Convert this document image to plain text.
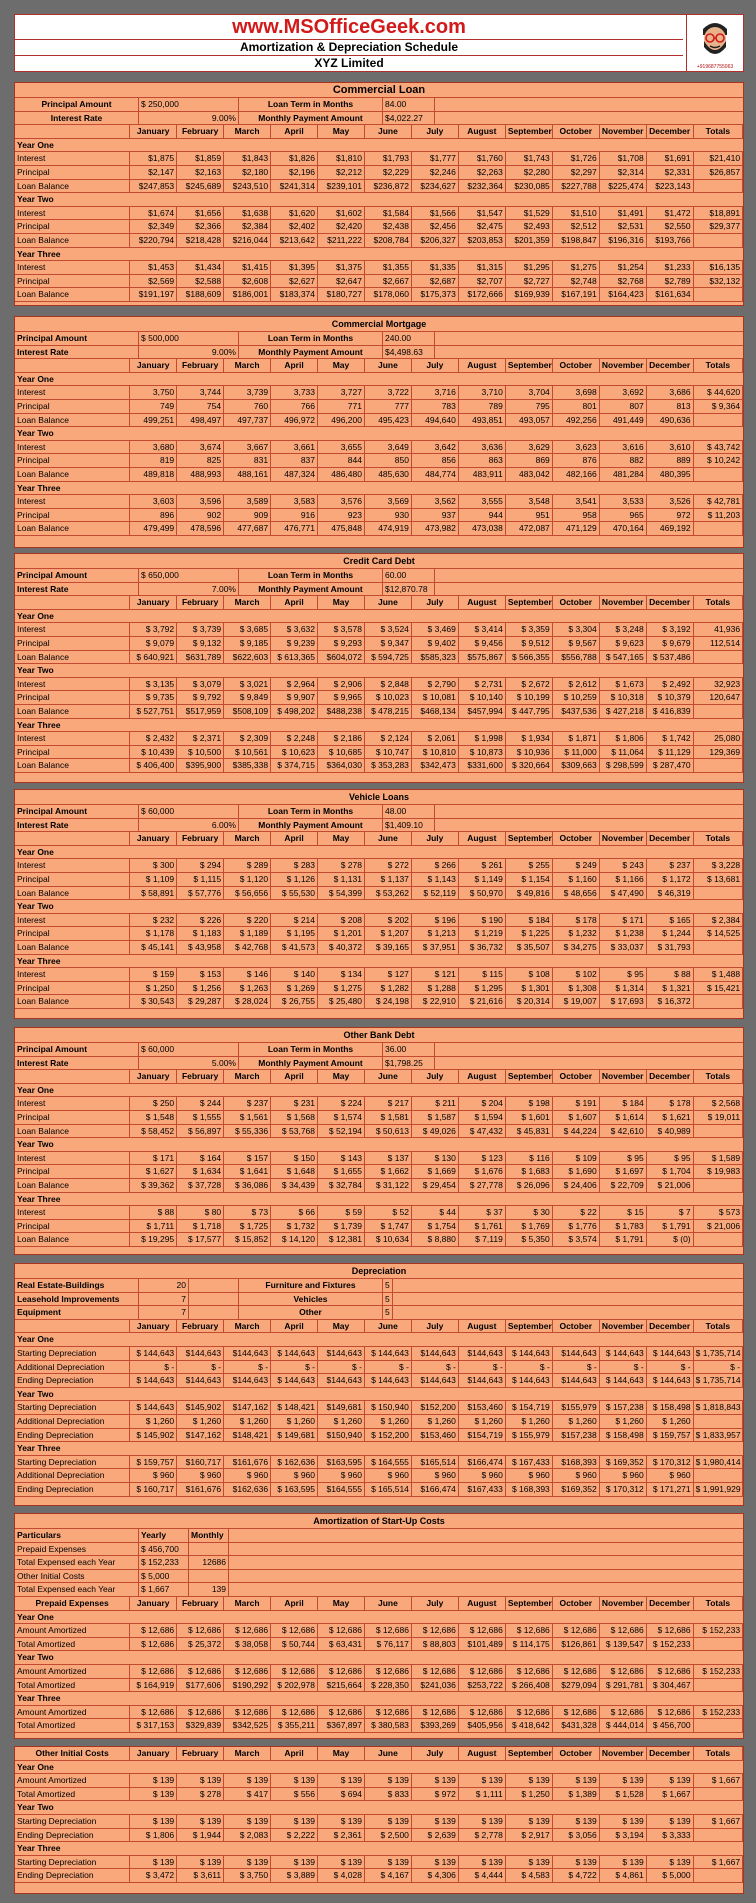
www.MSOfficeGeek.com
Amortization & Depreciation Schedule
XYZ Limited	+919687755063
Commercial Loan
Principal Amount	$ 250,000	Loan Term in Months	84.00
Interest Rate	9.00%	Monthly Payment Amount	$4,022.27
January	February	March	April	May	June	July	August	September October	November December	Totals
Year One
Interest	$1,875	$1,859	$1,843	$1,826	$1,810	$1,793	$1,777	$1,760	$1,743	$1,726	$1,708	$1,691	$21,410
Principal	$2,147	$2,163	$2,180	$2,196	$2,212	$2,229	$2,246	$2,263	$2,280	$2,297	$2,314	$2,331	$26,857
Loan Balance	$247,853	$245,689	$243,510	$241,314	$239,101	$236,872	$234,627	$232,364	$230,085	$227,788	$225,474	$223,143
Year Two
Interest	$1,674	$1,656	$1,638	$1,620	$1,602	$1,584	$1,566	$1,547	$1,529	$1,510	$1,491	$1,472	$18,891
Principal	$2,349	$2,366	$2,384	$2,402	$2,420	$2,438	$2,456	$2,475	$2,493	$2,512	$2,531	$2,550	$29,377
Loan Balance	$220,794	$218,428	$216,044	$213,642	$211,222	$208,784	$206,327	$203,853	$201,359	$198,847	$196,316	$193,766
Year Three
Interest	$1,453	$1,434	$1,415	$1,395	$1,375	$1,355	$1,335	$1,315	$1,295	$1,275	$1,254	$1,233	$16,135
Principal	$2,569	$2,588	$2,608	$2,627	$2,647	$2,667	$2,687	$2,707	$2,727	$2,748	$2,768	$2,789	$32,132
Loan Balance	$191,197	$188,609	$186,001	$183,374	$180,727	$178,060	$175,373	$172,666	$169,939	$167,191	$164,423	$161,634
Commercial Mortgage
Principal Amount	$ 500,000	Loan Term in Months	240.00
Interest Rate	9.00%	Monthly Payment Amount	$4,498.63
January	February	March	April	May	June	July	August	September October	November December	Totals
Year One
Interest	3,750	3,744	3,739	3,733	3,727	3,722	3,716	3,710	3,704	3,698	3,692	3,686	$ 44,620
Principal	749	754	760	766	771	777	783	789	795	801	807	813	$ 9,364
Loan Balance	499,251	498,497	497,737	496,972	496,200	495,423	494,640	493,851	493,057	492,256	491,449	490,636
Year Two
Interest	3,680	3,674	3,667	3,661	3,655	3,649	3,642	3,636	3,629	3,623	3,616	3,610	$ 43,742
Principal	819	825	831	837	844	850	856	863	869	876	882	889	$ 10,242
Loan Balance	489,818	488,993	488,161	487,324	486,480	485,630	484,774	483,911	483,042	482,166	481,284	480,395
Year Three
Interest	3,603	3,596	3,589	3,583	3,576	3,569	3,562	3,555	3,548	3,541	3,533	3,526	$ 42,781
Principal	896	902	909	916	923	930	937	944	951	958	965	972	$ 11,203
Loan Balance	479,499	478,596	477,687	476,771	475,848	474,919	473,982	473,038	472,087	471,129	470,164	469,192
Credit Card Debt
Principal Amount	$ 650,000	Loan Term in Months	60.00
Interest Rate	7.00%	Monthly Payment Amount	$12,870.78
January	February	March	April	May	June	July	August	September October	November December	Totals
Year One
Interest	$ 3,792	$ 3,739	$ 3,685	$ 3,632	$ 3,578	$ 3,524	$ 3,469	$ 3,414	$ 3,359	$ 3,304	$ 3,248	$ 3,192	41,936
Principal	$ 9,079	$ 9,132	$ 9,185	$ 9,239	$ 9,293	$ 9,347	$ 9,402	$ 9,456	$ 9,512	$ 9,567	$ 9,623	$ 9,679	112,514
Loan Balance	$ 640,921	$631,789	$622,603	$ 613,365	$604,072	$ 594,725	$585,323	$575,867	$ 566,355	$556,788	$ 547,165	$ 537,486
Year Two
Interest	$ 3,135	$ 3,079	$ 3,021	$ 2,964	$ 2,906	$ 2,848	$ 2,790	$ 2,731	$ 2,672	$ 2,612	$ 1,673	$ 2,492	32,923
Principal	$ 9,735	$ 9,792	$ 9,849	$ 9,907	$ 9,965	$ 10,023	$ 10,081	$ 10,140	$ 10,199	$ 10,259	$ 10,318	$ 10,379	120,647
Loan Balance	$ 527,751	$517,959	$508,109	$ 498,202	$488,238	$ 478,215	$468,134	$457,994	$ 447,795	$437,536	$ 427,218	$ 416,839
Year Three
Interest	$ 2,432	$ 2,371	$ 2,309	$ 2,248	$ 2,186	$ 2,124	$ 2,061	$ 1,998	$ 1,934	$ 1,871	$ 1,806	$ 1,742	25,080
Principal	$ 10,439	$ 10,500	$ 10,561	$ 10,623	$ 10,685	$ 10,747	$ 10,810	$ 10,873	$ 10,936	$ 11,000	$ 11,064	$ 11,129	129,369
Loan Balance	$ 406,400	$395,900	$385,338	$ 374,715	$364,030	$ 353,283	$342,473	$331,600	$ 320,664	$309,663	$ 298,599	$ 287,470
Vehicle Loans
Principal Amount	$ 60,000	Loan Term in Months	48.00
Interest Rate	6.00%	Monthly Payment Amount	$1,409.10
January	February	March	April	May	June	July	August	September October	November December	Totals
Year One
Interest	$ 300	$ 294	$ 289	$ 283	$ 278	$ 272	$ 266	$ 261	$ 255	$ 249	$ 243	$ 237	$ 3,228
Principal	$ 1,109	$ 1,115	$ 1,120	$ 1,126	$ 1,131	$ 1,137	$ 1,143	$ 1,149	$ 1,154	$ 1,160	$ 1,166	$ 1,172	$ 13,681
Loan Balance	$ 58,891	$ 57,776	$ 56,656	$ 55,530	$ 54,399	$ 53,262	$ 52,119	$ 50,970	$ 49,816	$ 48,656	$ 47,490	$ 46,319
Year Two
Interest	$ 232	$ 226	$ 220	$ 214	$ 208	$ 202	$ 196	$ 190	$ 184	$ 178	$ 171	$ 165	$ 2,384
Principal	$ 1,178	$ 1,183	$ 1,189	$ 1,195	$ 1,201	$ 1,207	$ 1,213	$ 1,219	$ 1,225	$ 1,232	$ 1,238	$ 1,244	$ 14,525
Loan Balance	$ 45,141	$ 43,958	$ 42,768	$ 41,573	$ 40,372	$ 39,165	$ 37,951	$ 36,732	$ 35,507	$ 34,275	$ 33,037	$ 31,793
Year Three
Interest	$ 159	$ 153	$ 146	$ 140	$ 134	$ 127	$ 121	$ 115	$ 108	$ 102	$ 95	$ 88	$ 1,488
Principal	$ 1,250	$ 1,256	$ 1,263	$ 1,269	$ 1,275	$ 1,282	$ 1,288	$ 1,295	$ 1,301	$ 1,308	$ 1,314	$ 1,321	$ 15,421
Loan Balance	$ 30,543	$ 29,287	$ 28,024	$ 26,755	$ 25,480	$ 24,198	$ 22,910	$ 21,616	$ 20,314	$ 19,007	$ 17,693	$ 16,372
Other Bank Debt
Principal Amount	$ 60,000	Loan Term in Months	36.00
Interest Rate	5.00%	Monthly Payment Amount	$1,798.25
January	February	March	April	May	June	July	August	September October	November December	Totals
Year One
Interest	$ 250	$ 244	$ 237	$ 231	$ 224	$ 217	$ 211	$ 204	$ 198	$ 191	$ 184	$ 178	$ 2,568
Principal	$ 1,548	$ 1,555	$ 1,561	$ 1,568	$ 1,574	$ 1,581	$ 1,587	$ 1,594	$ 1,601	$ 1,607	$ 1,614	$ 1,621	$ 19,011
Loan Balance	$ 58,452	$ 56,897	$ 55,336	$ 53,768	$ 52,194	$ 50,613	$ 49,026	$ 47,432	$ 45,831	$ 44,224	$ 42,610	$ 40,989
Year Two
Interest	$ 171	$ 164	$ 157	$ 150	$ 143	$ 137	$ 130	$ 123	$ 116	$ 109	$ 95	$ 95	$ 1,589
Principal	$ 1,627	$ 1,634	$ 1,641	$ 1,648	$ 1,655	$ 1,662	$ 1,669	$ 1,676	$ 1,683	$ 1,690	$ 1,697	$ 1,704	$ 19,983
Loan Balance	$ 39,362	$ 37,728	$ 36,086	$ 34,439	$ 32,784	$ 31,122	$ 29,454	$ 27,778	$ 26,096	$ 24,406	$ 22,709	$ 21,006
Year Three
Interest	$ 88	$ 80	$ 73	$ 66	$ 59	$ 52	$ 44	$ 37	$ 30	$ 22	$ 15	$ 7	$ 573
Principal	$ 1,711	$ 1,718	$ 1,725	$ 1,732	$ 1,739	$ 1,747	$ 1,754	$ 1,761	$ 1,769	$ 1,776	$ 1,783	$ 1,791	$ 21,006
Loan Balance	$ 19,295	$ 17,577	$ 15,852	$ 14,120	$ 12,381	$ 10,634	$ 8,880	$ 7,119	$ 5,350	$ 3,574	$ 1,791	$ (0)
Depreciation
Real Estate-Buildings	20	Furniture and Fixtures	5
Leasehold Improvements	7	Vehicles	5
Equipment	7	Other	5
January	February	March	April	May	June	July	August	September October	November December	Totals
Year One
Starting Depreciation	$ 144,643	$144,643	$144,643	$ 144,643	$144,643	$ 144,643	$144,643	$144,643	$ 144,643	$144,643	$ 144,643	$ 144,643 $ 1,735,714
Additional Depreciation	$ -	$ -	$ -	$ -	$ -	$ -	$ -	$ -	$ -	$ -	$ -	$ -	$ -
Ending Depreciation	$ 144,643	$144,643	$144,643	$ 144,643	$144,643	$ 144,643	$144,643	$144,643	$ 144,643	$144,643	$ 144,643	$ 144,643 $ 1,735,714
Year Two
Starting Depreciation	$ 144,643	$145,902	$147,162	$ 148,421	$149,681	$ 150,940	$152,200	$153,460	$ 154,719	$155,979	$ 157,238	$ 158,498 $ 1,818,843
Additional Depreciation	$ 1,260	$ 1,260	$ 1,260	$ 1,260	$ 1,260	$ 1,260	$ 1,260	$ 1,260	$ 1,260	$ 1,260	$ 1,260	$ 1,260
Ending Depreciation	$ 145,902	$147,162	$148,421	$ 149,681	$150,940	$ 152,200	$153,460	$154,719	$ 155,979	$157,238	$ 158,498	$ 159,757 $ 1,833,957
Year Three
Starting Depreciation	$ 159,757	$160,717	$161,676	$ 162,636	$163,595	$ 164,555	$165,514	$166,474	$ 167,433	$168,393	$ 169,352	$ 170,312 $ 1,980,414
Additional Depreciation	$ 960	$ 960	$ 960	$ 960	$ 960	$ 960	$ 960	$ 960	$ 960	$ 960	$ 960	$ 960
Ending Depreciation	$ 160,717	$161,676	$162,636	$ 163,595	$164,555	$ 165,514	$166,474	$167,433	$ 168,393	$169,352	$ 170,312	$ 171,271 $ 1,991,929
Amortization of Start-Up Costs
Particulars	Yearly	Monthly
Prepaid Expenses	$ 456,700
Total Expensed each Year	$ 152,233	12686
Other Initial Costs	$ 5,000
Total Expensed each Year	$ 1,667	139
Prepaid Expenses	January	February	March	April	May	June	July	August	September October	November December	Totals
Year One
Amount Amortized	$ 12,686	$ 12,686	$ 12,686	$ 12,686	$ 12,686	$ 12,686	$ 12,686	$ 12,686	$ 12,686	$ 12,686	$ 12,686	$ 12,686	$ 152,233
Total Amortized	$ 12,686	$ 25,372	$ 38,058	$ 50,744	$ 63,431	$ 76,117	$ 88,803	$101,489	$ 114,175	$126,861	$ 139,547	$ 152,233
Year Two
Amount Amortized	$ 12,686	$ 12,686	$ 12,686	$ 12,686	$ 12,686	$ 12,686	$ 12,686	$ 12,686	$ 12,686	$ 12,686	$ 12,686	$ 12,686	$ 152,233
Total Amortized	$ 164,919	$177,606	$190,292	$ 202,978	$215,664	$ 228,350	$241,036	$253,722	$ 266,408	$279,094	$ 291,781	$ 304,467
Year Three
Amount Amortized	$ 12,686	$ 12,686	$ 12,686	$ 12,686	$ 12,686	$ 12,686	$ 12,686	$ 12,686	$ 12,686	$ 12,686	$ 12,686	$ 12,686	$ 152,233
Total Amortized	$ 317,153	$329,839	$342,525	$ 355,211	$367,897	$ 380,583	$393,269	$405,956	$ 418,642	$431,328	$ 444,014	$ 456,700
Other Initial Costs	January	February	March	April	May	June	July	August	September October	November December	Totals
Year One
Amount Amortized	$ 139	$ 139	$ 139	$ 139	$ 139	$ 139	$ 139	$ 139	$ 139	$ 139	$ 139	$ 139	$ 1,667
Total Amortized	$ 139	$ 278	$ 417	$ 556	$ 694	$ 833	$ 972	$ 1,111	$ 1,250	$ 1,389	$ 1,528	$ 1,667
Year Two
Starting Depreciation	$ 139	$ 139	$ 139	$ 139	$ 139	$ 139	$ 139	$ 139	$ 139	$ 139	$ 139	$ 139	$ 1,667
Ending Depreciation	$ 1,806	$ 1,944	$ 2,083	$ 2,222	$ 2,361	$ 2,500	$ 2,639	$ 2,778	$ 2,917	$ 3,056	$ 3,194	$ 3,333
Year Three
Starting Depreciation	$ 139	$ 139	$ 139	$ 139	$ 139	$ 139	$ 139	$ 139	$ 139	$ 139	$ 139	$ 139	$ 1,667
Ending Depreciation	$ 3,472	$ 3,611	$ 3,750	$ 3,889	$ 4,028	$ 4,167	$ 4,306	$ 4,444	$ 4,583	$ 4,722	$ 4,861	$ 5,000
